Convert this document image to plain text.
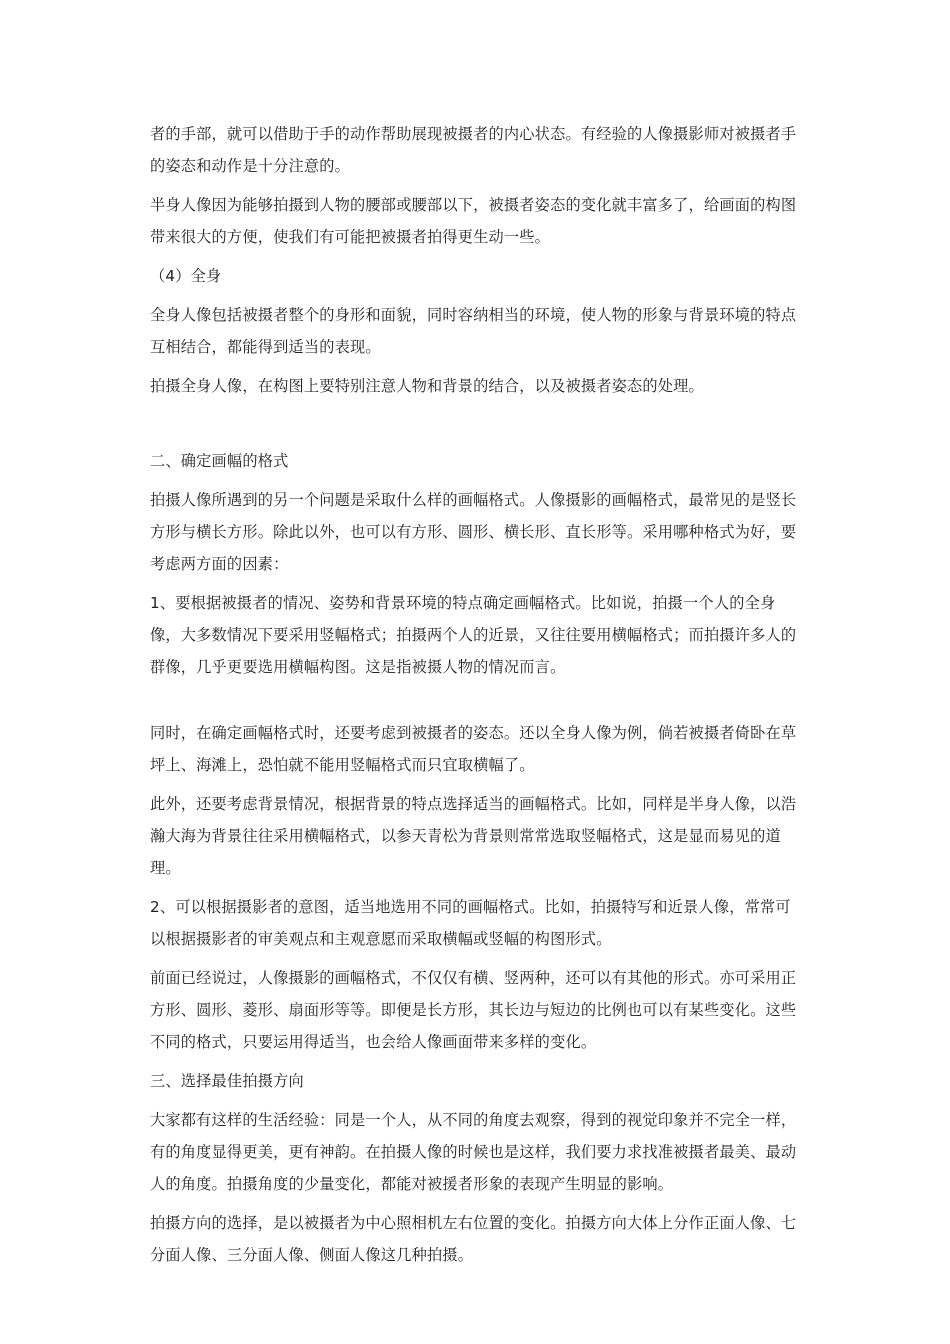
者的手部，就可以借助于手的动作帮助展现被摄者的内心状态。有经验的人像摄影师对被摄者手的姿态和动作是十分注意的。

半身人像因为能够拍摄到人物的腰部或腰部以下，被摄者姿态的变化就丰富多了，给画面的构图带来很大的方便，使我们有可能把被摄者拍得更生动一些。

（4）全身

全身人像包括被摄者整个的身形和面貌，同时容纳相当的环境，使人物的形象与背景环境的特点互相结合，都能得到适当的表现。

拍摄全身人像，在构图上要特别注意人物和背景的结合，以及被摄者姿态的处理。

二、确定画幅的格式

拍摄人像所遇到的另一个问题是采取什么样的画幅格式。人像摄影的画幅格式，最常见的是竖长方形与横长方形。除此以外，也可以有方形、圆形、横长形、直长形等。采用哪种格式为好，要考虑两方面的因素：

1、要根据被摄者的情况、姿势和背景环境的特点确定画幅格式。比如说，拍摄一个人的全身像，大多数情况下要采用竖幅格式；拍摄两个人的近景，又往往要用横幅格式；而拍摄许多人的群像，几乎更要选用横幅构图。这是指被摄人物的情况而言。

同时，在确定画幅格式时，还要考虑到被摄者的姿态。还以全身人像为例，倘若被摄者倚卧在草坪上、海滩上，恐怕就不能用竖幅格式而只宜取横幅了。

此外，还要考虑背景情况，根据背景的特点选择适当的画幅格式。比如，同样是半身人像，以浩瀚大海为背景往往采用横幅格式，以参天青松为背景则常常选取竖幅格式，这是显而易见的道理。

2、可以根据摄影者的意图，适当地选用不同的画幅格式。比如，拍摄特写和近景人像，常常可以根据摄影者的审美观点和主观意愿而采取横幅或竖幅的构图形式。

前面已经说过，人像摄影的画幅格式，不仅仅有横、竖两种，还可以有其他的形式。亦可采用正方形、圆形、菱形、扇面形等等。即便是长方形，其长边与短边的比例也可以有某些变化。这些不同的格式，只要运用得适当，也会给人像画面带来多样的变化。

三、选择最佳拍摄方向

大家都有这样的生活经验：同是一个人，从不同的角度去观察，得到的视觉印象并不完全一样，有的角度显得更美，更有神韵。在拍摄人像的时候也是这样，我们要力求找准被摄者最美、最动人的角度。拍摄角度的少量变化，都能对被援者形象的表现产生明显的影响。

拍摄方向的选择，是以被摄者为中心照相机左右位置的变化。拍摄方向大体上分作正面人像、七分面人像、三分面人像、侧面人像这几种拍摄。
